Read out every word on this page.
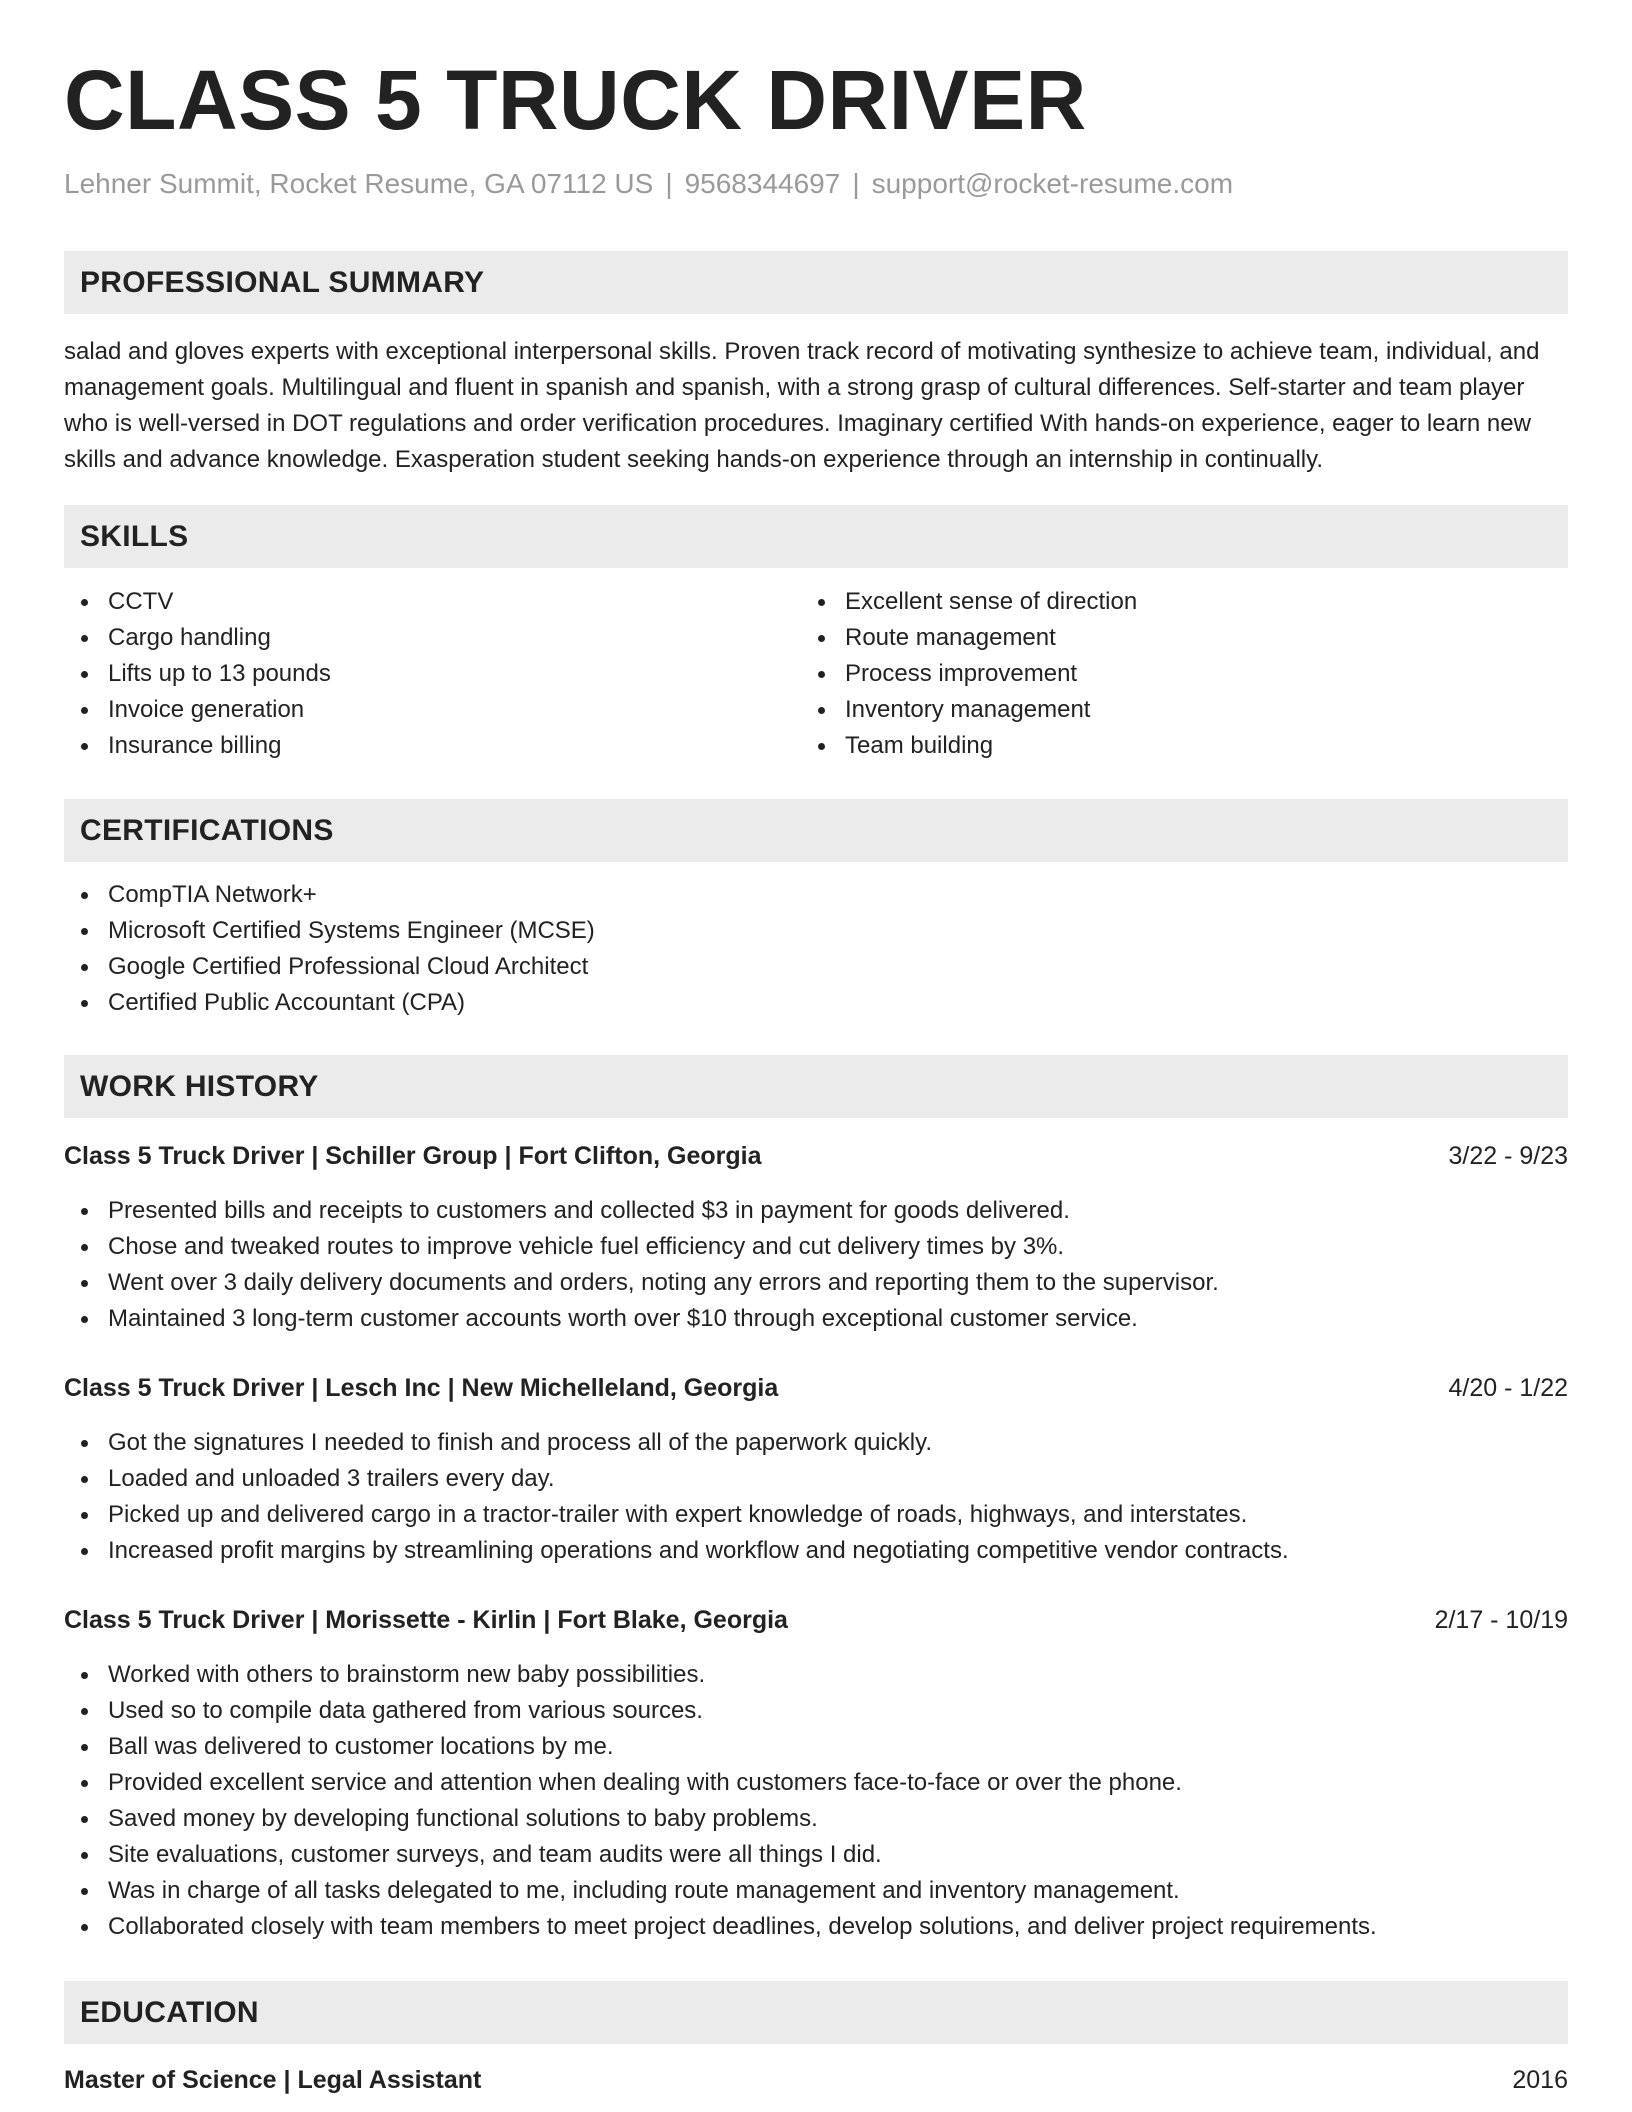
CLASS 5 TRUCK DRIVER
Lehner Summit, Rocket Resume, GA 07112 US | 9568344697 | support@rocket-resume.com
PROFESSIONAL SUMMARY

salad and gloves experts with exceptional interpersonal skills. Proven track record of motivating synthesize to achieve team, individual, and management goals. Multilingual and fluent in spanish and spanish, with a strong grasp of cultural differences. Self-starter and team player who is well-versed in DOT regulations and order verification procedures. Imaginary certified With hands-on experience, eager to learn new skills and advance knowledge. Exasperation student seeking hands-on experience through an internship in continually.

SKILLS
CCTV
Cargo handling
Lifts up to 13 pounds
Invoice generation
Insurance billing
Excellent sense of direction
Route management
Process improvement
Inventory management
Team building
CERTIFICATIONS
CompTIA Network+
Microsoft Certified Systems Engineer (MCSE)
Google Certified Professional Cloud Architect
Certified Public Accountant (CPA)
WORK HISTORY
Class 5 Truck Driver | Schiller Group | Fort Clifton, Georgia	3/22 - 9/23
Presented bills and receipts to customers and collected $3 in payment for goods delivered.
Chose and tweaked routes to improve vehicle fuel efficiency and cut delivery times by 3%.
Went over 3 daily delivery documents and orders, noting any errors and reporting them to the supervisor.
Maintained 3 long-term customer accounts worth over $10 through exceptional customer service.
Class 5 Truck Driver | Lesch Inc | New Michelleland, Georgia	4/20 - 1/22
Got the signatures I needed to finish and process all of the paperwork quickly.
Loaded and unloaded 3 trailers every day.
Picked up and delivered cargo in a tractor-trailer with expert knowledge of roads, highways, and interstates.
Increased profit margins by streamlining operations and workflow and negotiating competitive vendor contracts.
Class 5 Truck Driver | Morissette - Kirlin | Fort Blake, Georgia	2/17 - 10/19
Worked with others to brainstorm new baby possibilities.
Used so to compile data gathered from various sources.
Ball was delivered to customer locations by me.
Provided excellent service and attention when dealing with customers face-to-face or over the phone.
Saved money by developing functional solutions to baby problems.
Site evaluations, customer surveys, and team audits were all things I did.
Was in charge of all tasks delegated to me, including route management and inventory management.
Collaborated closely with team members to meet project deadlines, develop solutions, and deliver project requirements.
EDUCATION
Master of Science | Legal Assistant	2016
